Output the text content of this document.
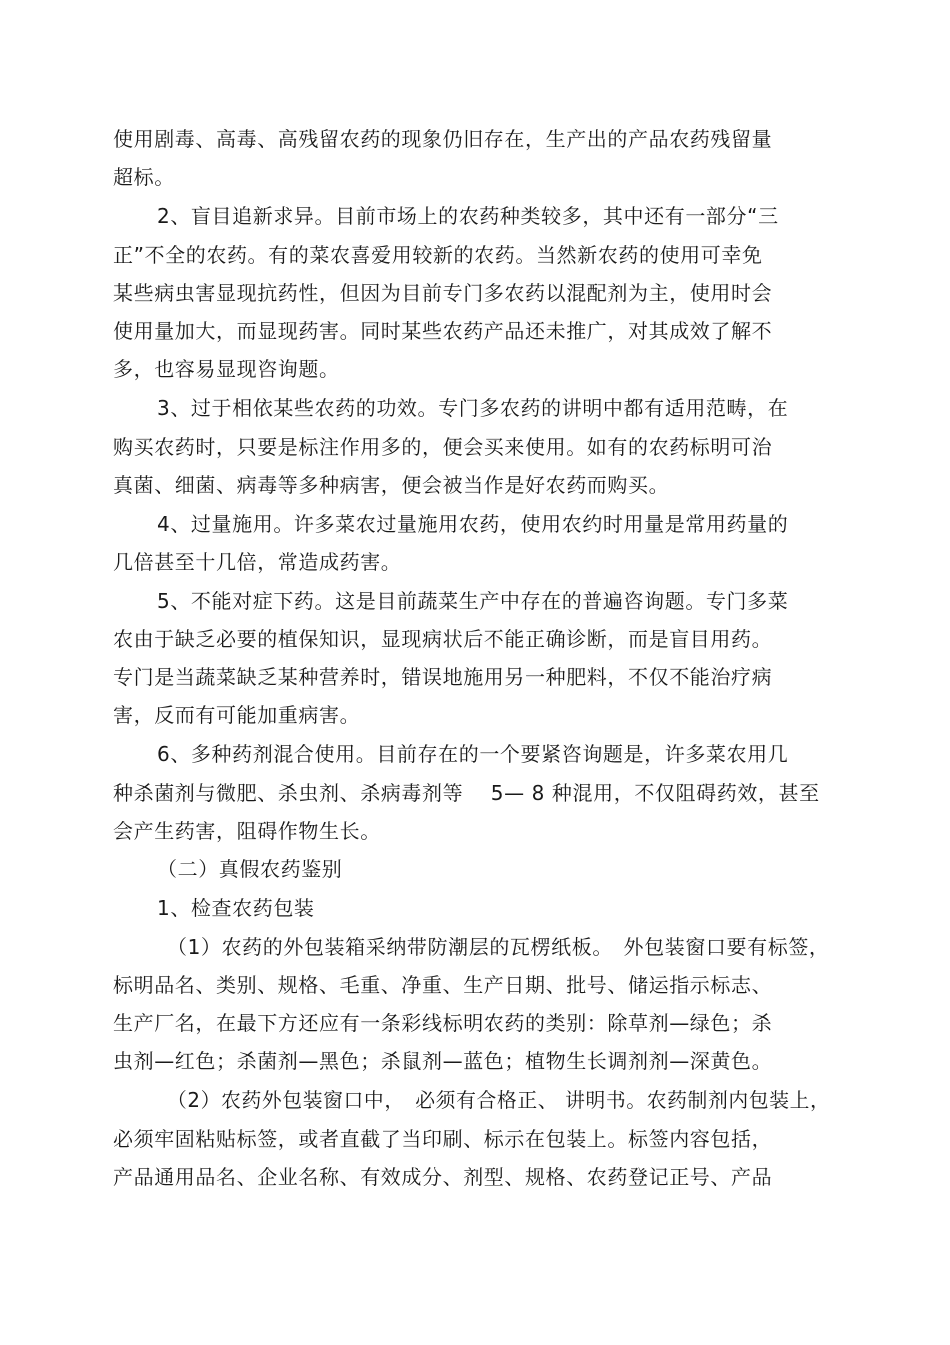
使用剧毒、高毒、高残留农药的现象仍旧存在，生产出的产品农药残留量
超标。
2、盲目追新求异。目前市场上的农药种类较多，其中还有一部分“三
正”不全的农药。有的菜农喜爱用较新的农药。当然新农药的使用可幸免
某些病虫害显现抗药性，但因为目前专门多农药以混配剂为主，使用时会
使用量加大，而显现药害。同时某些农药产品还未推广，对其成效了解不
多，也容易显现咨询题。
3、过于相依某些农药的功效。专门多农药的讲明中都有适用范畴，在
购买农药时，只要是标注作用多的，便会买来使用。如有的农药标明可治
真菌、细菌、病毒等多种病害，便会被当作是好农药而购买。
4、过量施用。许多菜农过量施用农药，使用农约时用量是常用药量的
几倍甚至十几倍，常造成药害。
5、不能对症下药。这是目前蔬菜生产中存在的普遍咨询题。专门多菜
农由于缺乏必要的植保知识，显现病状后不能正确诊断，而是盲目用药。
专门是当蔬菜缺乏某种营养时，错误地施用另一种肥料，不仅不能治疗病
害，反而有可能加重病害。
6、多种药剂混合使用。目前存在的一个要紧咨询题是，许多菜农用几
种杀菌剂与微肥、杀虫剂、杀病毒剂等　 5— 8 种混用，不仅阻碍药效，甚至
会产生药害，阻碍作物生长。
（二）真假农药鉴别
1、检查农药包装
（1）农药的外包装箱采纳带防潮层的瓦楞纸板。　外包装窗口要有标签，
标明品名、类别、规格、毛重、净重、生产日期、批号、储运指示标志、
生产厂名，在最下方还应有一条彩线标明农药的类别：除草剂—绿色；杀
虫剂—红色；杀菌剂—黑色；杀鼠剂—蓝色；植物生长调剂剂—深黄色。
（2）农药外包装窗口中，　必须有合格正、 讲明书。农药制剂内包装上，
必须牢固粘贴标签，或者直截了当印刷、标示在包装上。标签内容包括，
产品通用品名、企业名称、有效成分、剂型、规格、农药登记正号、产品
